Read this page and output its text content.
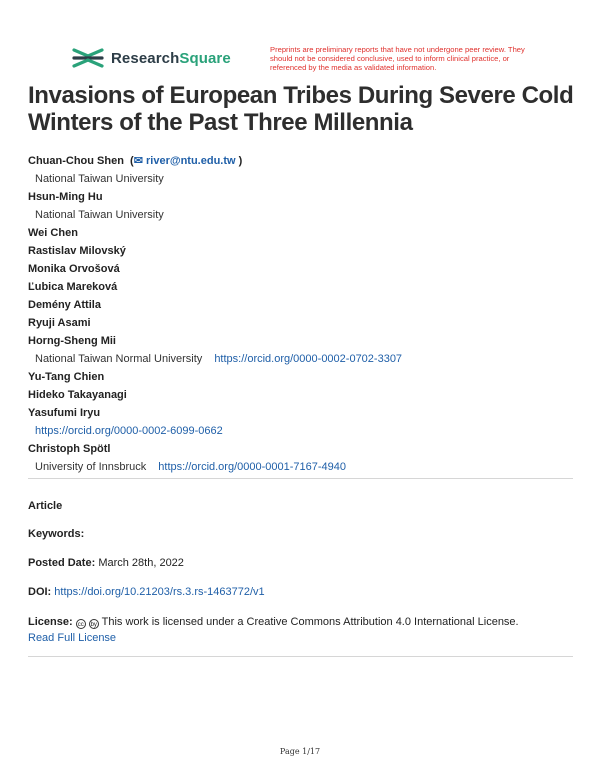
ResearchSquare	Preprints are preliminary reports that have not undergone peer review. They should not be considered conclusive, used to inform clinical practice, or referenced by the media as validated information.
Invasions of European Tribes During Severe Cold Winters of the Past Three Millennia
Chuan-Chou Shen  (✉ river@ntu.edu.tw )
National Taiwan University
Hsun-Ming Hu
National Taiwan University
Wei Chen
Rastislav Milovský
Monika Orvošová
Ľubica Mareková
Demény Attila
Ryuji Asami
Horng-Sheng Mii
National Taiwan Normal University https://orcid.org/0000-0002-0702-3307
Yu-Tang Chien
Hideko Takayanagi
Yasufumi Iryu
https://orcid.org/0000-0002-6099-0662
Christoph Spötl
University of Innsbruck https://orcid.org/0000-0001-7167-4940
Article
Keywords:
Posted Date: March 28th, 2022
DOI: https://doi.org/10.21203/rs.3.rs-1463772/v1
License: cc by This work is licensed under a Creative Commons Attribution 4.0 International License.
Read Full License
Page 1/17
